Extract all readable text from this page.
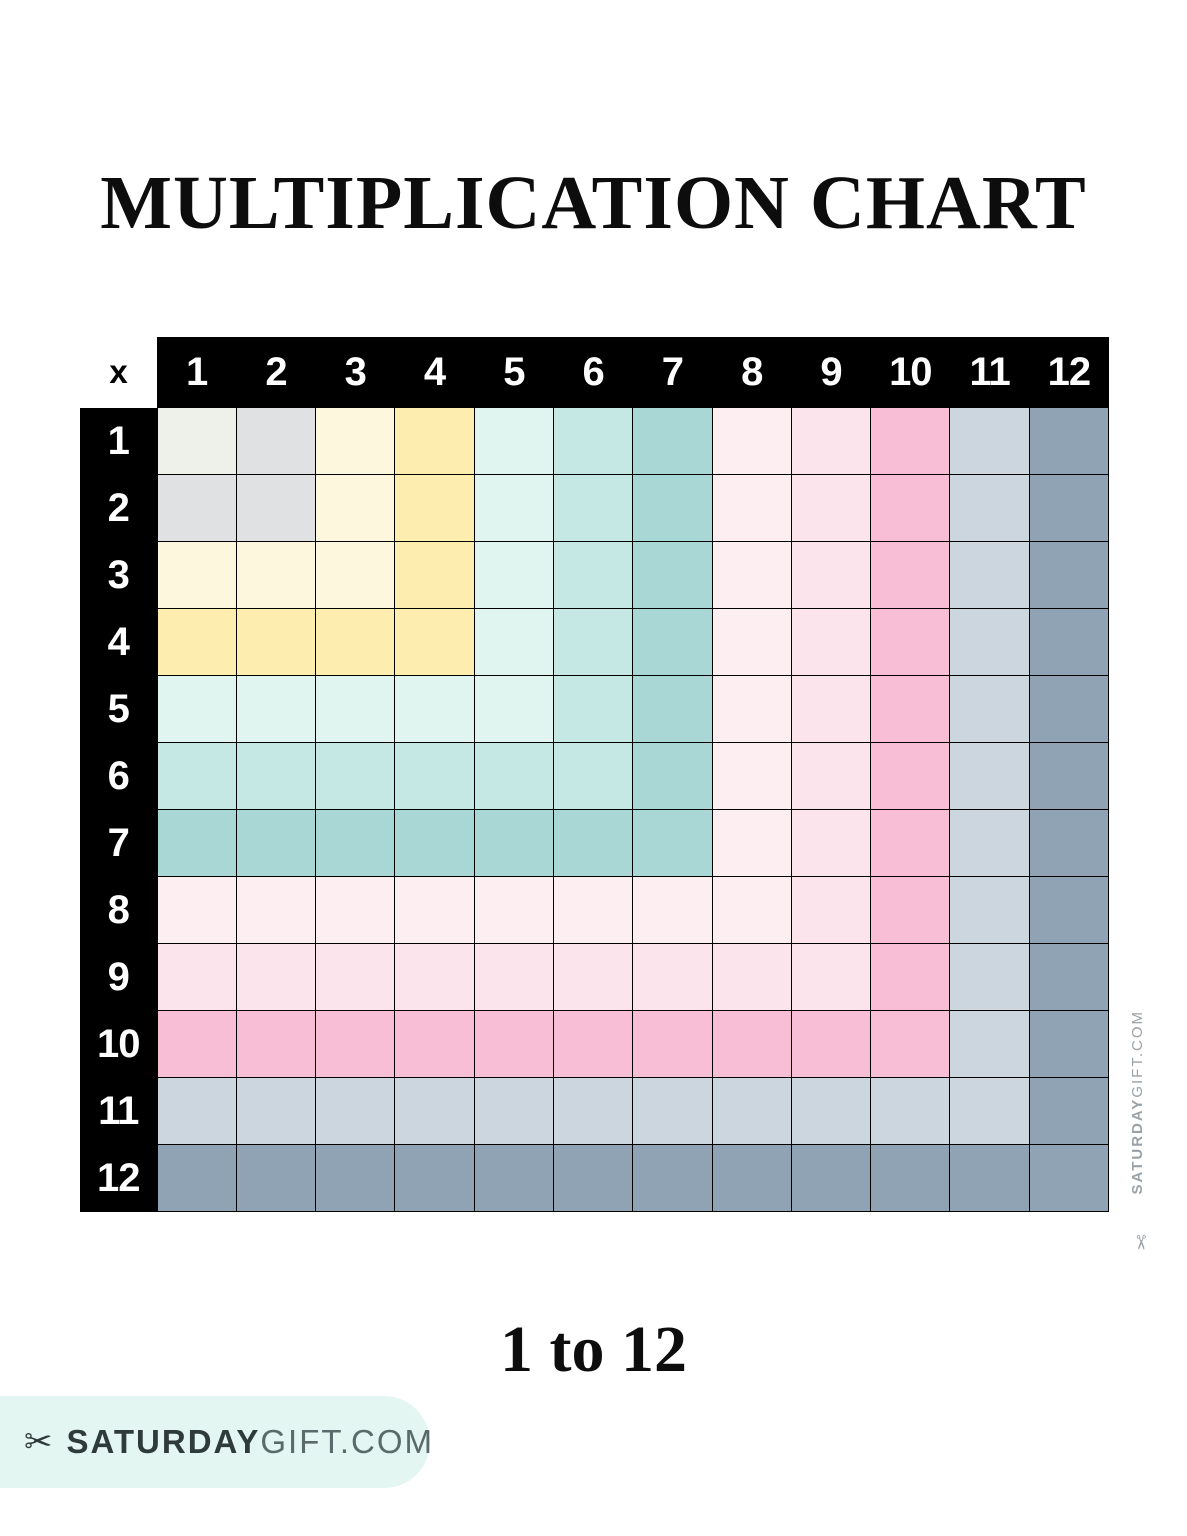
MULTIPLICATION CHART
x	1	2	3	4	5	6	7	8	9	10	11	12
1												
2												
3												
4												
5												
6												
7												
8												
9												
10												
11												
12												
1 to 12
SATURDAYGIFT.COM
✂
✂ SATURDAYGIFT.COM
